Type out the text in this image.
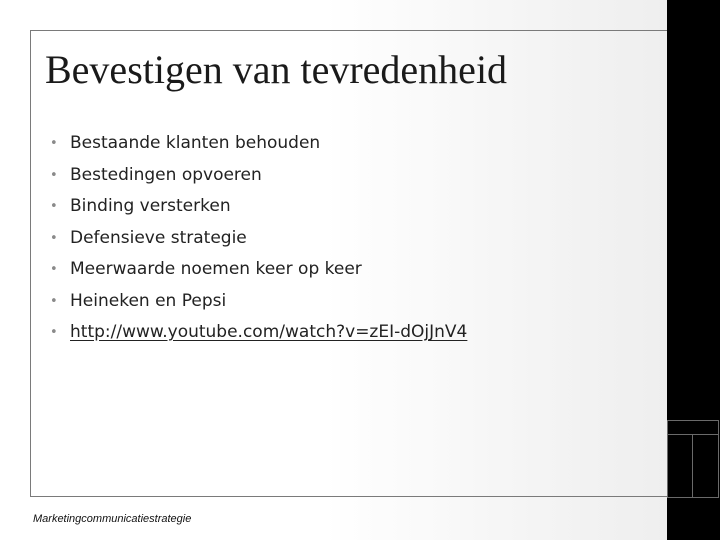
Bevestigen van tevredenheid
• Bestaande klanten behouden
• Bestedingen opvoeren
• Binding versterken
• Defensieve strategie
• Meerwaarde noemen keer op keer
• Heineken en Pepsi
• http://www.youtube.com/watch?v=zEI-dOjJnV4
Marketingcommunicatiestrategie
